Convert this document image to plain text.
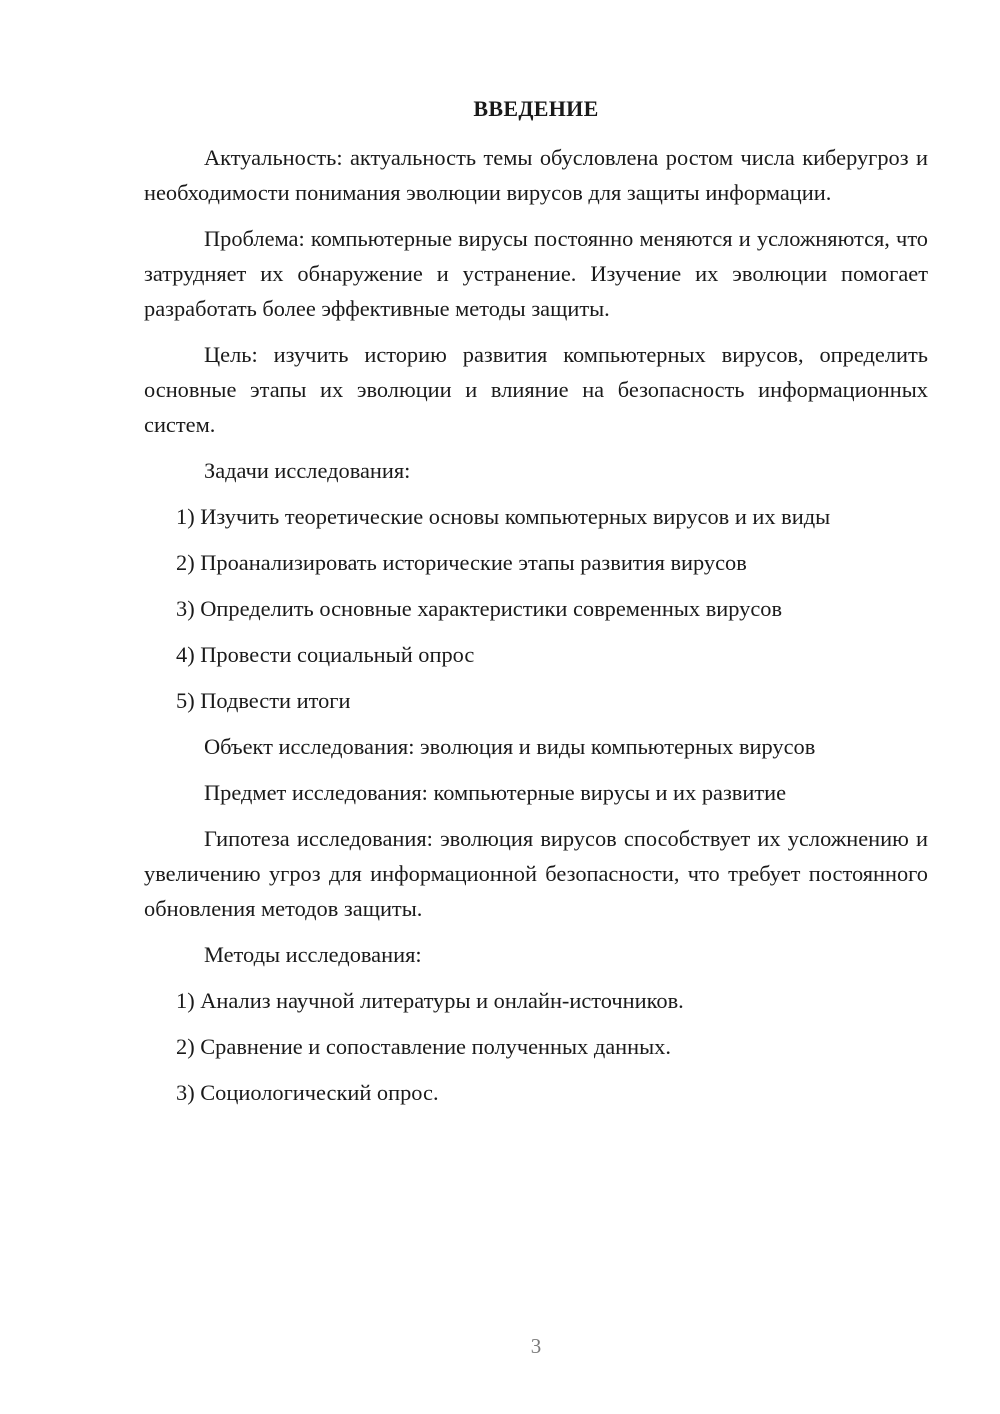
ВВЕДЕНИЕ

Актуальность: актуальность темы обусловлена ростом числа киберугроз и необходимости понимания эволюции вирусов для защиты информации.

Проблема: компьютерные вирусы постоянно меняются и усложняются, что затрудняет их обнаружение и устранение. Изучение их эволюции помогает разработать более эффективные методы защиты.

Цель: изучить историю развития компьютерных вирусов, определить основные этапы их эволюции и влияние на безопасность информационных систем.

Задачи исследования:

1) Изучить теоретические основы компьютерных вирусов и их виды

2) Проанализировать исторические этапы развития вирусов

3) Определить основные характеристики современных вирусов

4) Провести социальный опрос

5) Подвести итоги

Объект исследования: эволюция и виды компьютерных вирусов

Предмет исследования: компьютерные вирусы и их развитие

Гипотеза исследования: эволюция вирусов способствует их усложнению и увеличению угроз для информационной безопасности, что требует постоянного обновления методов защиты.

Методы исследования:

1) Анализ научной литературы и онлайн-источников.

2) Сравнение и сопоставление полученных данных.

3) Социологический опрос.

3
